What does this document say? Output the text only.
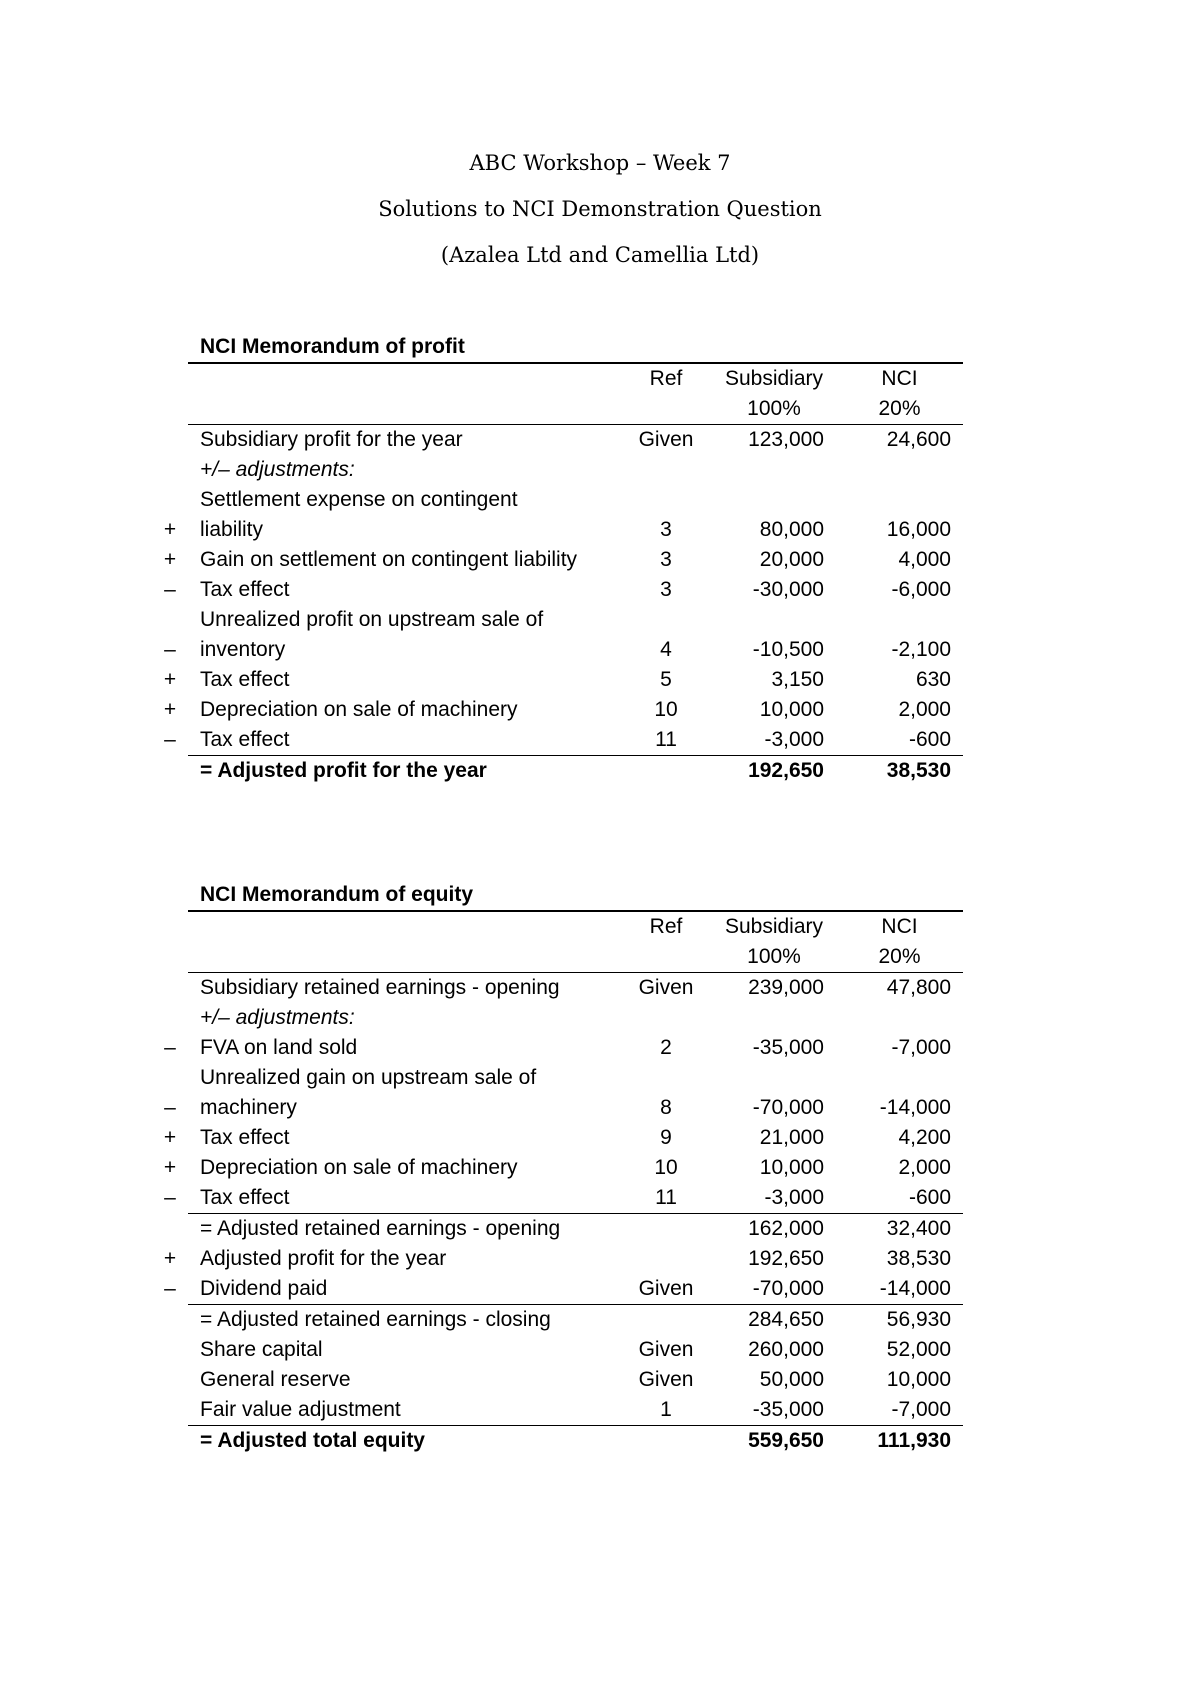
ABC Workshop – Week 7
Solutions to NCI Demonstration Question
(Azalea Ltd and Camellia Ltd)
NCI Memorandum of profit
	Ref	Subsidiary	NCI
		100%	20%

Subsidiary profit for the year	Given	123,000	24,600

+/– adjustments:			

Settlement expense on contingent			

+ liability	3	80,000	16,000

+ Gain on settlement on contingent liability	3	20,000	4,000

– Tax effect	3	-30,000	-6,000

Unrealized profit on upstream sale of			

– inventory	4	-10,500	-2,100

+ Tax effect	5	3,150	630

+ Depreciation on sale of machinery	10	10,000	2,000

– Tax effect	11	-3,000	-600

= Adjusted profit for the year		192,650	38,530
NCI Memorandum of equity
	Ref	Subsidiary	NCI
		100%	20%

Subsidiary retained earnings - opening	Given	239,000	47,800

+/– adjustments:			

– FVA on land sold	2	-35,000	-7,000

Unrealized gain on upstream sale of			

– machinery	8	-70,000	-14,000

+ Tax effect	9	21,000	4,200

+ Depreciation on sale of machinery	10	10,000	2,000

– Tax effect	11	-3,000	-600

= Adjusted retained earnings - opening		162,000	32,400

+ Adjusted profit for the year		192,650	38,530

– Dividend paid	Given	-70,000	-14,000

= Adjusted retained earnings - closing		284,650	56,930

Share capital	Given	260,000	52,000

General reserve	Given	50,000	10,000

Fair value adjustment	1	-35,000	-7,000

= Adjusted total equity		559,650	111,930
